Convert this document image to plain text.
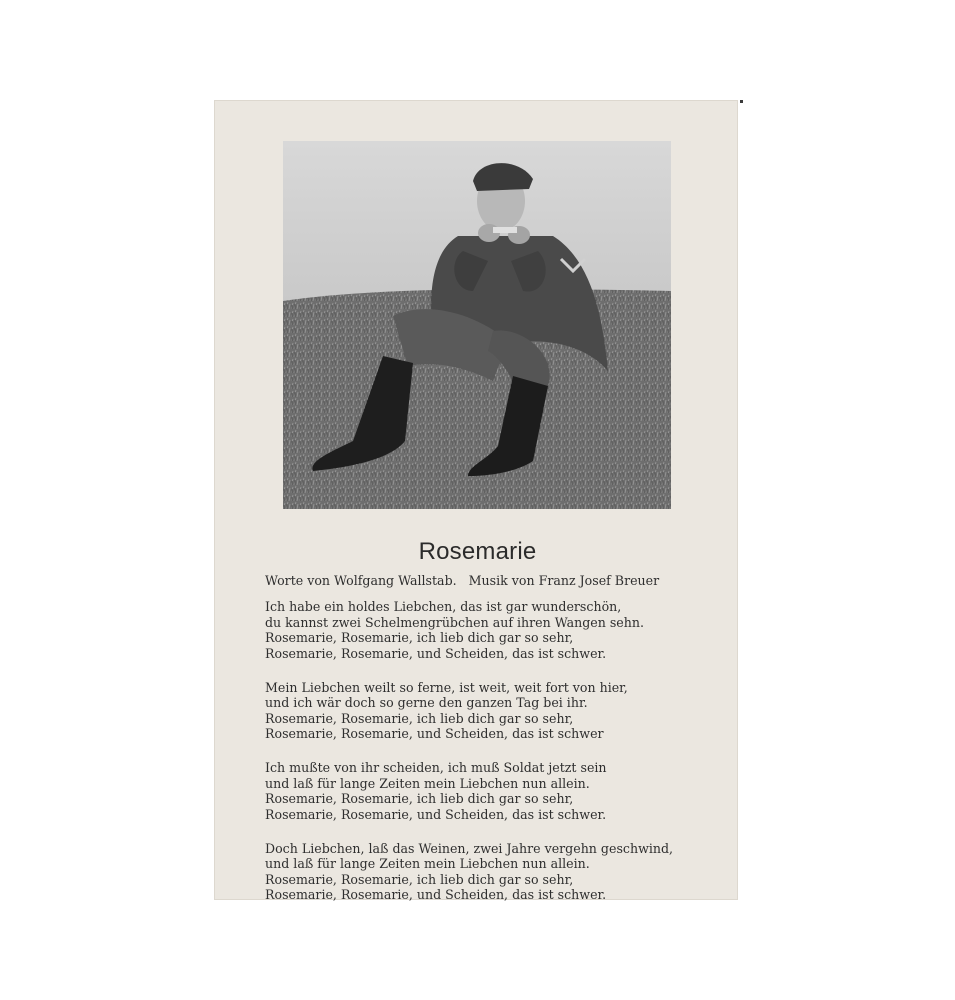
Rosemarie
Worte von Wolfgang Wallstab. Musik von Franz Josef Breuer
Ich habe ein holdes Liebchen, das ist gar wunderschön,
du kannst zwei Schelmengrübchen auf ihren Wangen sehn.
Rosemarie, Rosemarie, ich lieb dich gar so sehr,
Rosemarie, Rosemarie, und Scheiden, das ist schwer.
Mein Liebchen weilt so ferne, ist weit, weit fort von hier,
und ich wär doch so gerne den ganzen Tag bei ihr.
Rosemarie, Rosemarie, ich lieb dich gar so sehr,
Rosemarie, Rosemarie, und Scheiden, das ist schwer
Ich mußte von ihr scheiden, ich muß Soldat jetzt sein
und laß für lange Zeiten mein Liebchen nun allein.
Rosemarie, Rosemarie, ich lieb dich gar so sehr,
Rosemarie, Rosemarie, und Scheiden, das ist schwer.
Doch Liebchen, laß das Weinen, zwei Jahre vergehn geschwind,
und laß für lange Zeiten mein Liebchen nun allein.
Rosemarie, Rosemarie, ich lieb dich gar so sehr,
Rosemarie, Rosemarie, und Scheiden, das ist schwer.
